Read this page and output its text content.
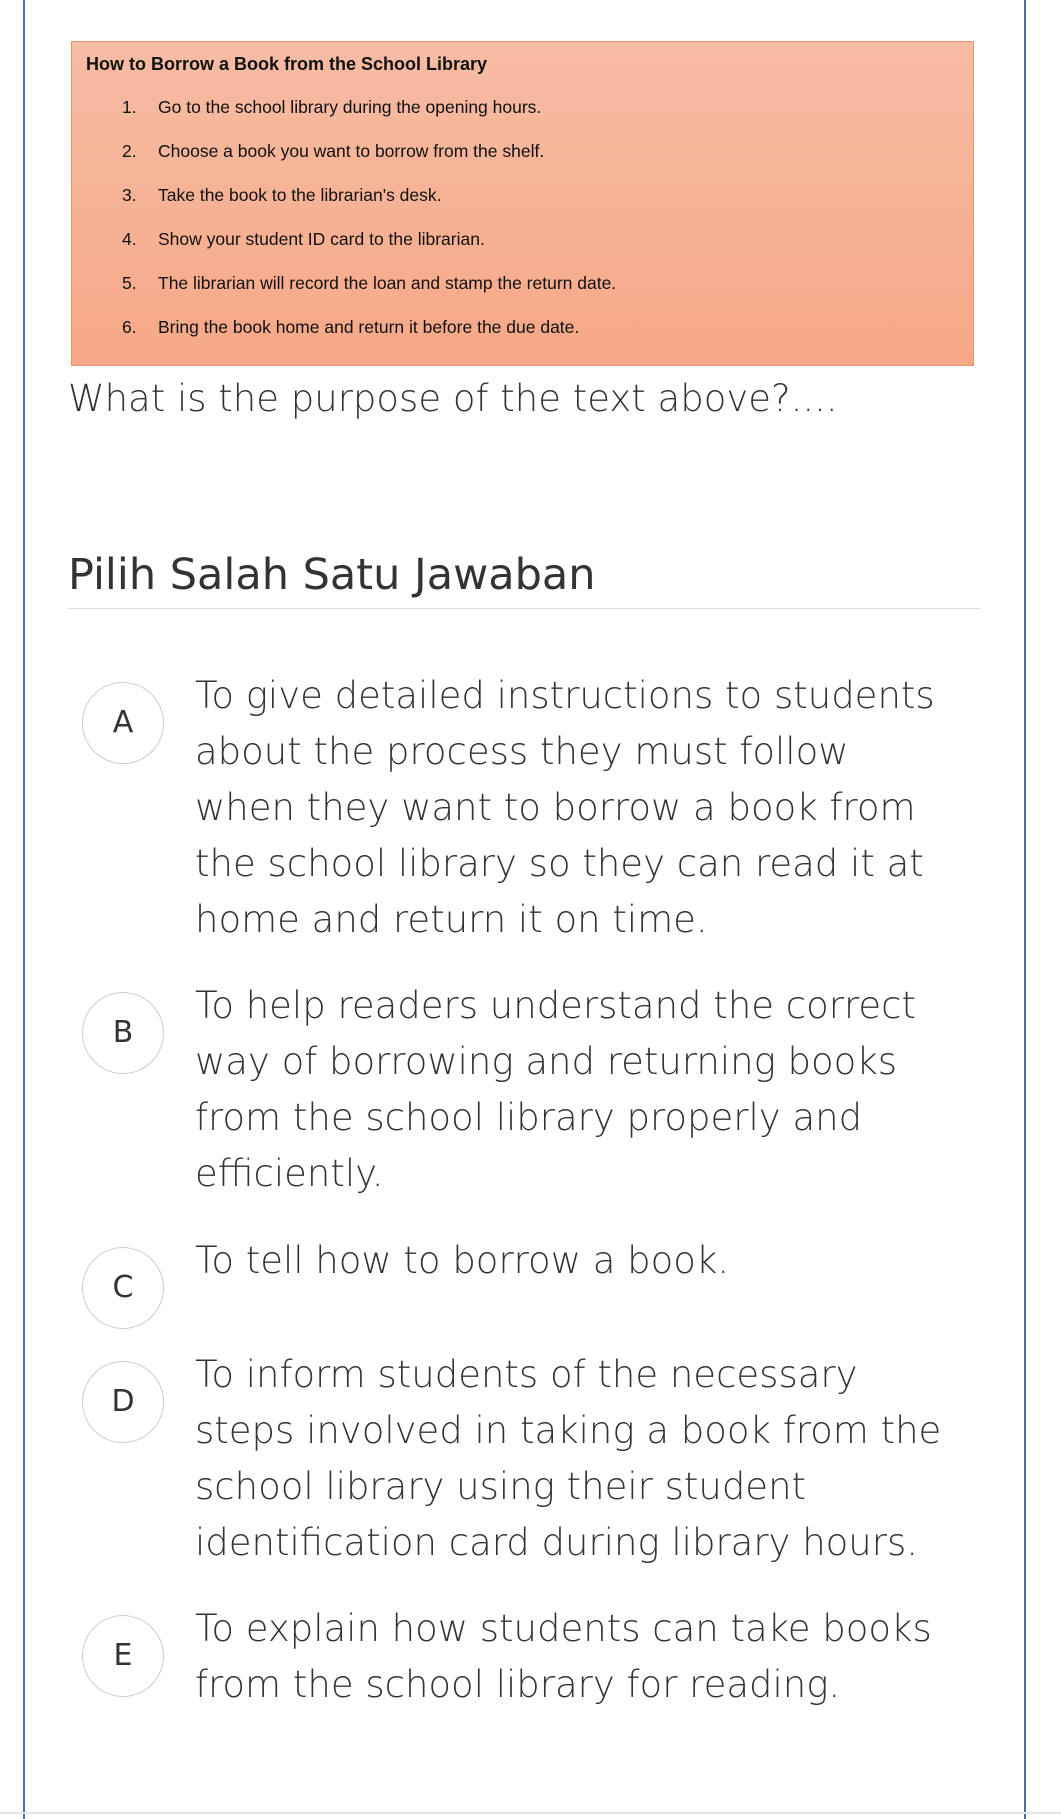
How to Borrow a Book from the School Library
1. Go to the school library during the opening hours.
2. Choose a book you want to borrow from the shelf.
3. Take the book to the librarian's desk.
4. Show your student ID card to the librarian.
5. The librarian will record the loan and stamp the return date.
6. Bring the book home and return it before the due date.
What is the purpose of the text above?....
Pilih Salah Satu Jawaban
A
To give detailed instructions to students about the process they must follow when they want to borrow a book from the school library so they can read it at home and return it on time.
B
To help readers understand the correct way of borrowing and returning books from the school library properly and efficiently.
C
To tell how to borrow a book.
D
To inform students of the necessary steps involved in taking a book from the school library using their student identification card during library hours.
E
To explain how students can take books from the school library for reading.
